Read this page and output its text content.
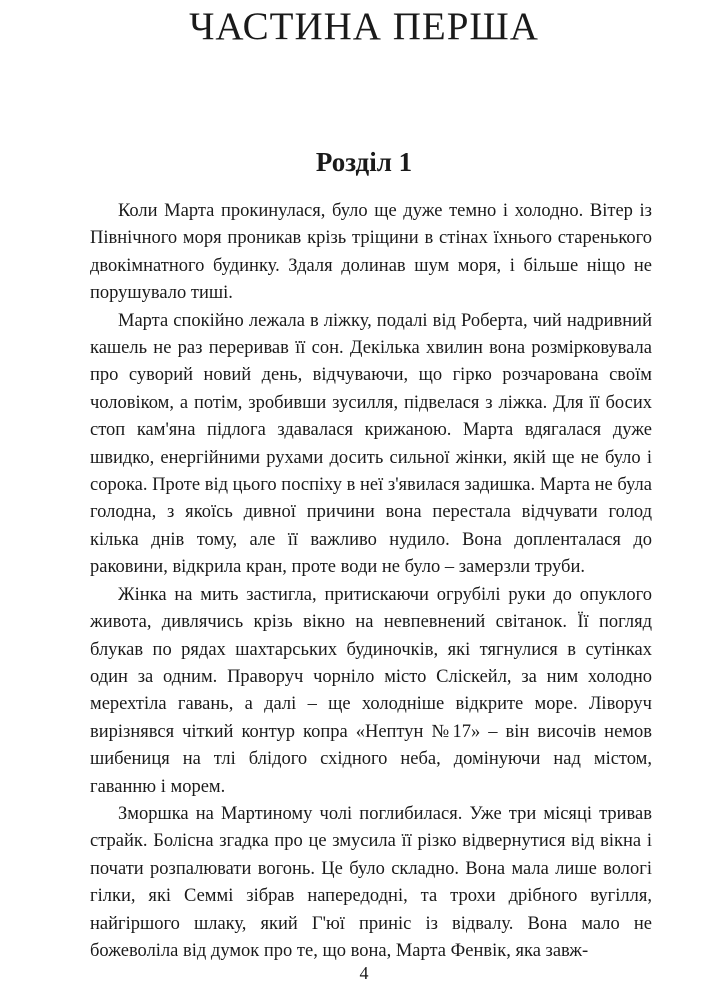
ЧАСТИНА ПЕРША
Розділ 1

Коли Марта прокинулася, було ще дуже темно і холодно. Вітер із Північного моря проникав крізь тріщини в стінах їхнього старенького двокімнатного будинку. Здаля долинав шум моря, і більше ніщо не порушувало тиші.

Марта спокійно лежала в ліжку, подалі від Роберта, чий надривний кашель не раз переривав її сон. Декілька хвилин вона розмірковувала про суворий новий день, відчуваючи, що гірко розчарована своїм чоловіком, а потім, зробивши зусилля, підвелася з ліжка. Для її босих стоп кам'яна підлога здавалася крижаною. Марта вдягалася дуже швидко, енергійними рухами досить сильної жінки, якій ще не було і сорока. Проте від цього поспіху в неї з'явилася задишка. Марта не була голодна, з якоїсь дивної причини вона перестала відчувати голод кілька днів тому, але її важливо нудило. Вона допленталася до раковини, відкрила кран, проте води не було – замерзли труби.

Жінка на мить застигла, притискаючи огрубілі руки до опуклого живота, дивлячись крізь вікно на невпевнений світанок. Її погляд блукав по рядах шахтарських будиночків, які тягнулися в сутінках один за одним. Праворуч чорніло місто Сліскейл, за ним холодно мерехтіла гавань, а далі – ще холодніше відкрите море. Ліворуч вирізнявся чіткий контур копра «Нептун №17» – він височів немов шибениця на тлі блідого східного неба, домінуючи над містом, гаванню і морем.

Зморшка на Мартиному чолі поглибилася. Уже три місяці тривав страйк. Болісна згадка про це змусила її різко відвернутися від вікна і почати розпалювати вогонь. Це було складно. Вона мала лише вологі гілки, які Семмі зібрав напередодні, та трохи дрібного вугілля, найгіршого шлаку, який Г'юї приніс із відвалу. Вона мало не божеволіла від думок про те, що вона, Марта Фенвік, яка завж-

4
